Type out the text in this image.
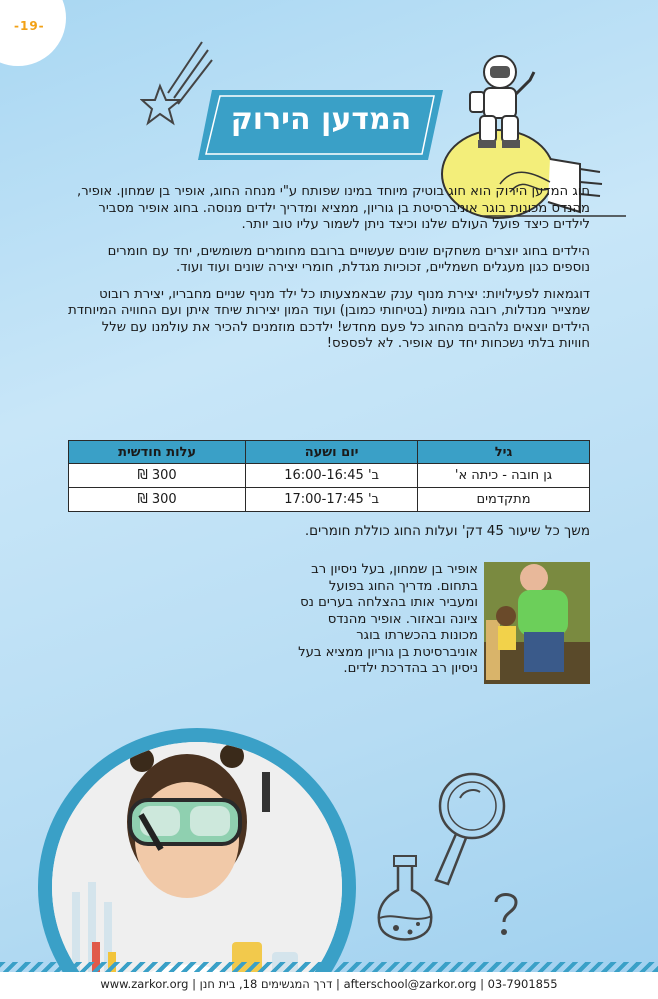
-19-
המדען הירוק

חוג המדען הירוק הוא חוג בוטיק מיוחד במינו שפותח ע"י מנחה החוג, אופיר בן שמחון. אופיר, מהנדס מכונות בוגר אוניברסיטת בן גוריון, ממציא ומדריך ילדים מנוסה. בחוג אופיר מסביר לילדים כיצד פועל העולם שלנו וכיצד ניתן לשמור עליו טוב יותר.

הילדים בחוג יוצרים משחקים שונים שעשויים ברובם מחומרים משומשים, יחד עם חומרים נוספים כגון מעגלים חשמליים, זכוכיות מגדלת, חומרי יצירה שונים ועוד ועוד.

דוגמאות לפעילויות: יצירת מנוף ענק שבאמצעותו כל ילד מניף שניים מחבריו, יצירת רובוט שמצייר מנדלות, רובה גומיות (בטיחותי כמובן) ועוד המון יצירות שיחד איתן ועם החוויה המיוחדת הילדים יוצאים נלהבים מהחוג כל פעם מחדש! ילדכם מוזמנים להכיר את עולמנו עם שלל חוויות בלתי נשכחות יחד עם אופיר. לא לפספס!

גיל	יום ושעה	עלות חודשית
גן חובה - כיתה א'	ב' 16:00-16:45	300 ₪
מתקדמים	ב' 17:00-17:45	300 ₪
משך כל שיעור 45 דק' ועלות החוג כוללת חומרים.
אופיר בן שמחון, בעל ניסיון רב בתחום. מדריך החוג בפועל ומעביר אותו בהצלחה בערים נס ציונה ובאזור. אופיר מהנדס מכונות בהכשרתו בוגר אוניברסיטת בן גוריון ממציא בעל ניסיון רב בהדרכת ילדים.
afterschool@zarkor.org | 03-7901855 | דרך המגשימים 18, בית חנן | www.zarkor.org
